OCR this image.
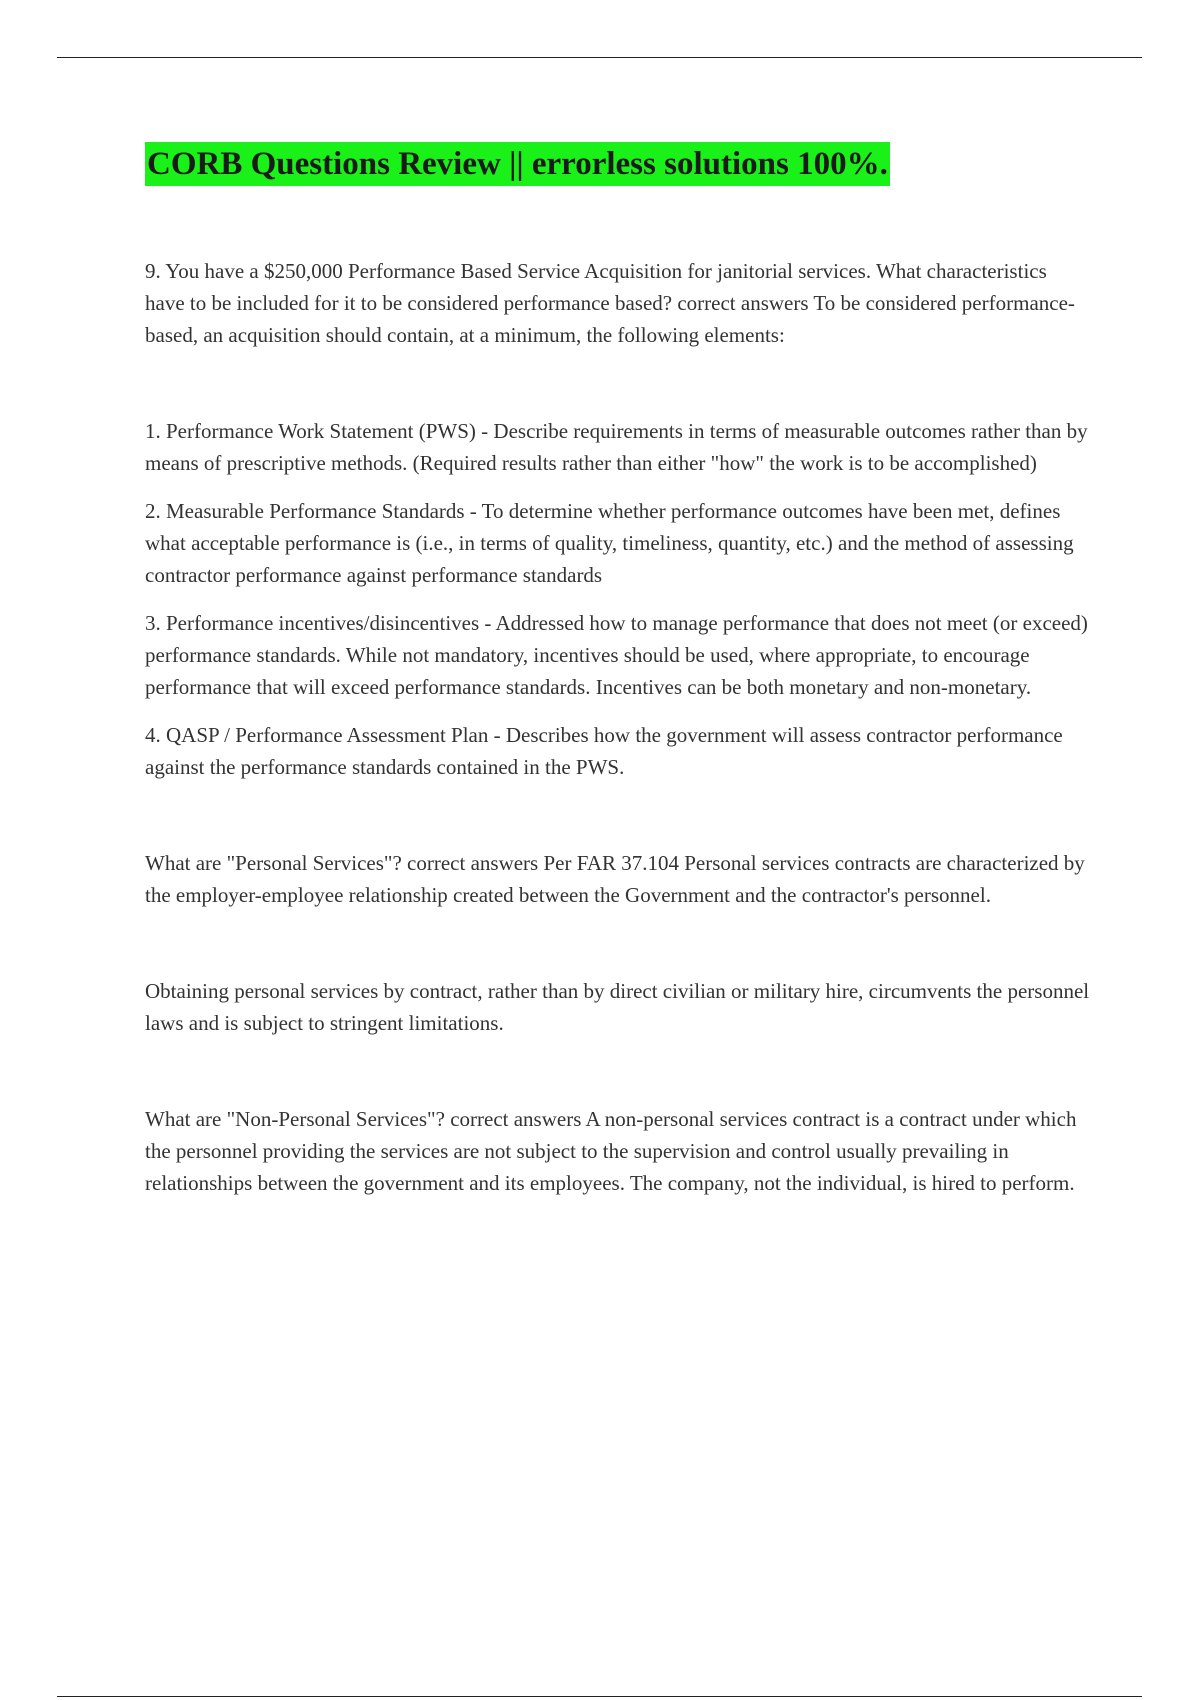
CORB Questions Review || errorless solutions 100%.

9. You have a $250,000 Performance Based Service Acquisition for janitorial services. What characteristics have to be included for it to be considered performance based? correct answers To be considered performance-based, an acquisition should contain, at a minimum, the following elements:

1. Performance Work Statement (PWS) - Describe requirements in terms of measurable outcomes rather than by means of prescriptive methods. (Required results rather than either "how" the work is to be accomplished)

2. Measurable Performance Standards - To determine whether performance outcomes have been met, defines what acceptable performance is (i.e., in terms of quality, timeliness, quantity, etc.) and the method of assessing contractor performance against performance standards

3. Performance incentives/disincentives - Addressed how to manage performance that does not meet (or exceed) performance standards. While not mandatory, incentives should be used, where appropriate, to encourage performance that will exceed performance standards. Incentives can be both monetary and non-monetary.

4. QASP / Performance Assessment Plan - Describes how the government will assess contractor performance against the performance standards contained in the PWS.

What are "Personal Services"? correct answers Per FAR 37.104 Personal services contracts are characterized by the employer-employee relationship created between the Government and the contractor's personnel.

Obtaining personal services by contract, rather than by direct civilian or military hire, circumvents the personnel laws and is subject to stringent limitations.

What are "Non-Personal Services"? correct answers A non-personal services contract is a contract under which the personnel providing the services are not subject to the supervision and control usually prevailing in relationships between the government and its employees. The company, not the individual, is hired to perform.
